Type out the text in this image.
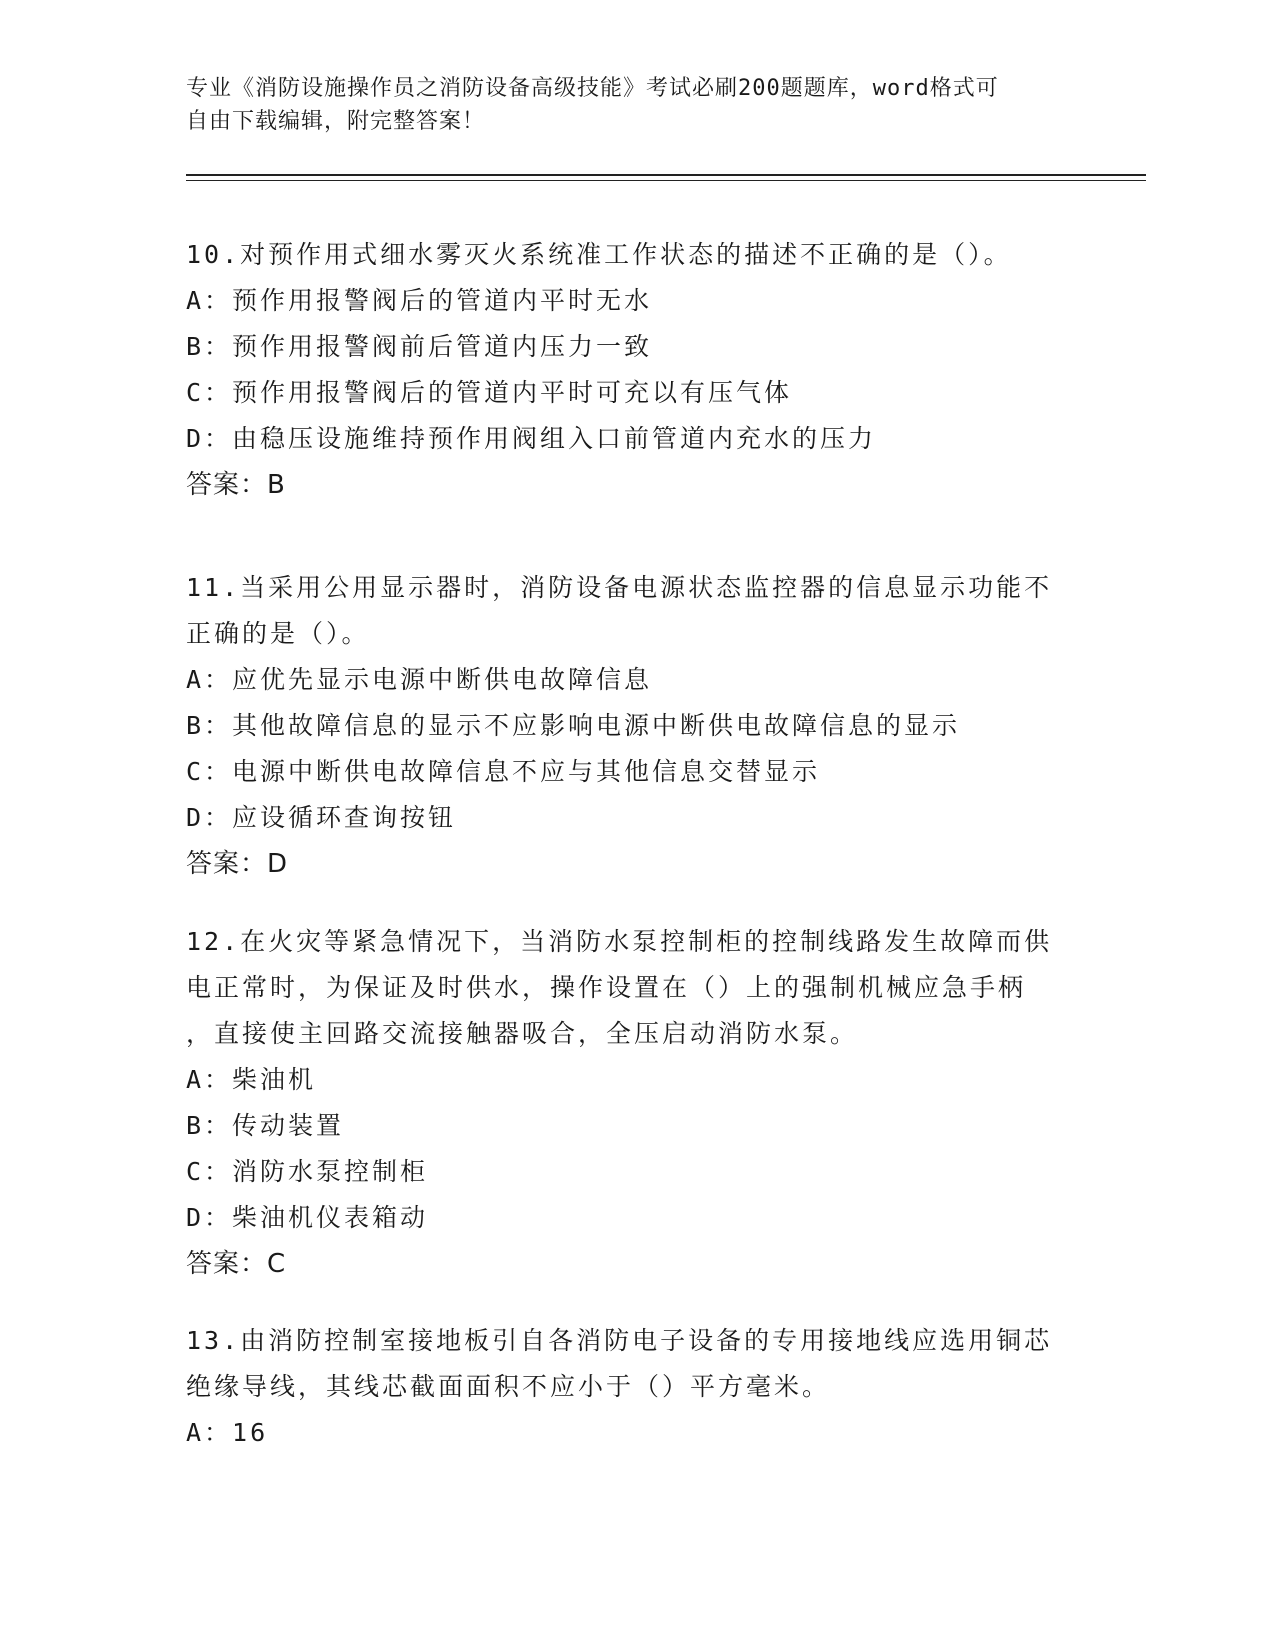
专业《消防设施操作员之消防设备高级技能》考试必刷200题题库，word格式可
自由下载编辑，附完整答案！
10.对预作用式细水雾灭火系统准工作状态的描述不正确的是（）。
A：预作用报警阀后的管道内平时无水
B：预作用报警阀前后管道内压力一致
C：预作用报警阀后的管道内平时可充以有压气体
D：由稳压设施维持预作用阀组入口前管道内充水的压力
答案：B
11.当采用公用显示器时，消防设备电源状态监控器的信息显示功能不
正确的是（）。
A：应优先显示电源中断供电故障信息
B：其他故障信息的显示不应影响电源中断供电故障信息的显示
C：电源中断供电故障信息不应与其他信息交替显示
D：应设循环查询按钮
答案：D
12.在火灾等紧急情况下，当消防水泵控制柜的控制线路发生故障而供
电正常时，为保证及时供水，操作设置在（）上的强制机械应急手柄
，直接使主回路交流接触器吸合，全压启动消防水泵。
A：柴油机
B：传动装置
C：消防水泵控制柜
D：柴油机仪表箱动
答案：C
13.由消防控制室接地板引自各消防电子设备的专用接地线应选用铜芯
绝缘导线，其线芯截面面积不应小于（）平方毫米。
A：16
